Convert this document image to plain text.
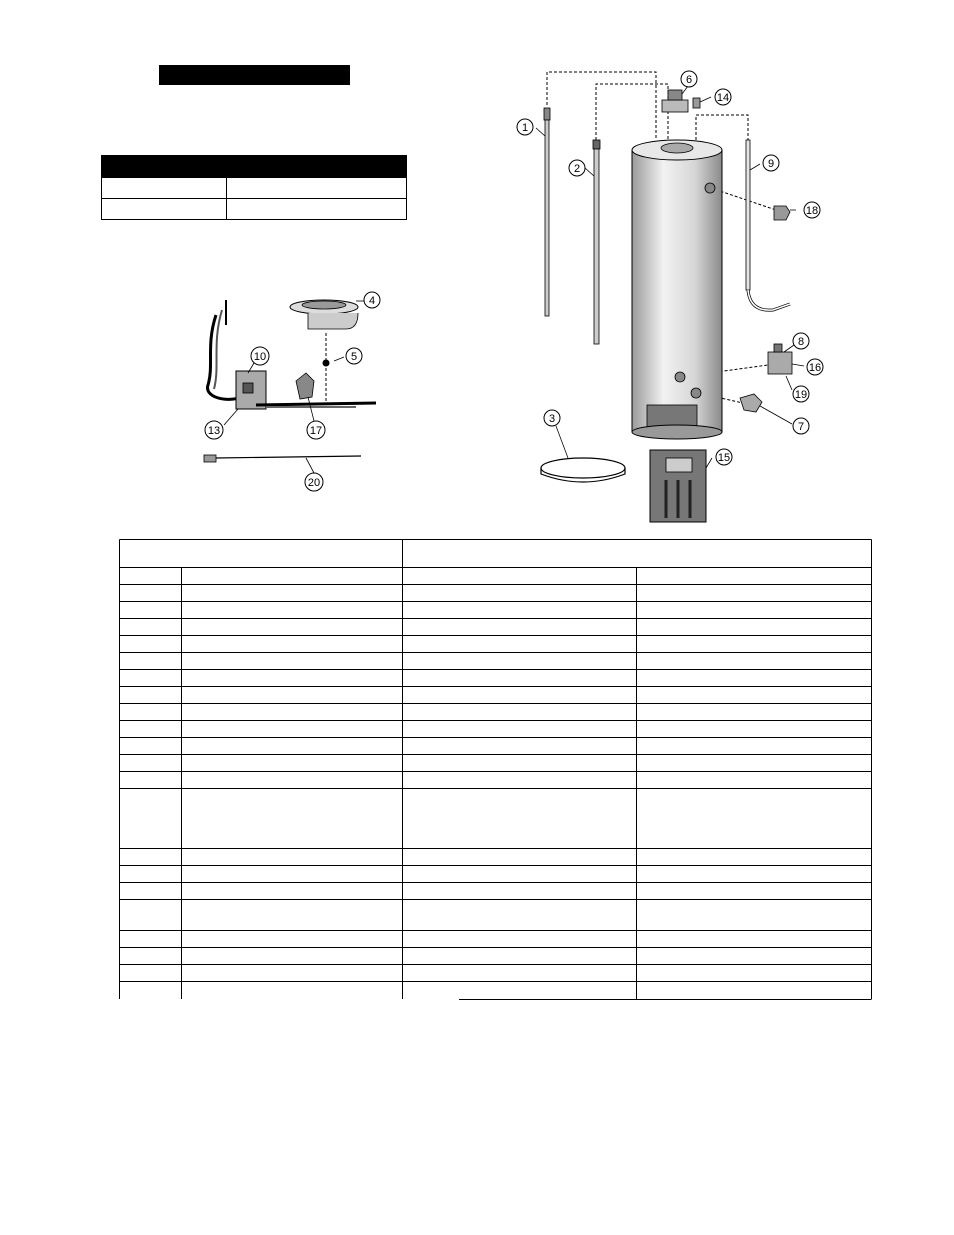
1
2
3
6
14
9
18
8
16
19
7
15
4
5
10
13	17
20
